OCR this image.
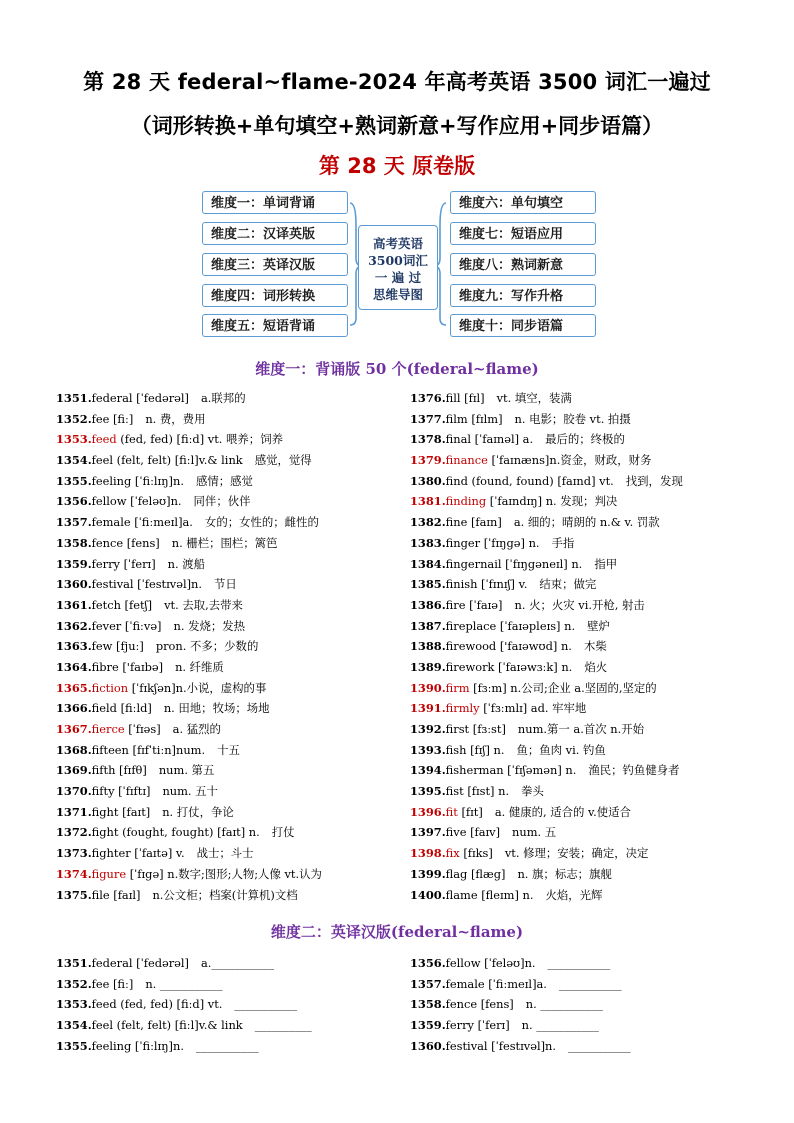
第 28 天 federal~flame-2024 年高考英语 3500 词汇一遍过
（词形转换+单句填空+熟词新意+写作应用+同步语篇）
第 28 天 原卷版
高考英语
3500词汇
一 遍 过
思维导图
维度一：单词背诵
维度二：汉译英版
维度三：英译汉版
维度四：词形转换
维度五：短语背诵
维度六：单句填空
维度七：短语应用
维度八：熟词新意
维度九：写作升格
维度十：同步语篇
维度一：背诵版 50 个(federal~flame)
1351.federal [ˈfedərəl] a.联邦的
1352.fee [fiː] n. 费，费用
1353.feed (fed, fed) [fiːd] vt. 喂养；饲养
1354.feel (felt, felt) [fiːl]v.& link 感觉，觉得
1355.feeling [ˈfiːlɪŋ]n. 感情；感觉
1356.fellow [ˈfeləʊ]n. 同伴；伙伴
1357.female [ˈfiːmeɪl]a. 女的；女性的；雌性的
1358.fence [fens] n. 栅栏；围栏；篱笆
1359.ferry [ˈferɪ] n. 渡船
1360.festival [ˈfestɪvəl]n. 节日
1361.fetch [fetʃ] vt. 去取,去带来
1362.fever [ˈfiːvə] n. 发烧；发热
1363.few [fjuː] pron. 不多；少数的
1364.fibre ['faɪbə] n. 纤维质
1365.fiction [ˈfɪkʃən]n.小说，虚构的事
1366.field [fiːld] n. 田地；牧场；场地
1367.fierce [ˈfɪəs] a. 猛烈的
1368.fifteen [fɪfˈtiːn]num. 十五
1369.fifth [fɪfθ] num. 第五
1370.fifty [ˈfɪftɪ] num. 五十
1371.fight [faɪt] n. 打仗，争论
1372.fight (fought, fought) [faɪt] n. 打仗
1373.fighter [ˈfaɪtə] v. 战士；斗士
1374.figure [ˈfɪgə] n.数字;图形;人物;人像 vt.认为
1375.file [faɪl] n.公文柜；档案(计算机)文档
1376.fill [fɪl] vt. 填空，装满
1377.film [fɪlm] n. 电影；胶卷 vt. 拍摄
1378.final [ˈfaɪnəl] a. 最后的；终极的
1379.finance [ˈfaɪnæns]n.资金，财政，财务
1380.find (found, found) [faɪnd] vt. 找到，发现
1381.finding [ˈfaɪndɪŋ] n. 发现；判决
1382.fine [faɪn] a. 细的；晴朗的 n.& v. 罚款
1383.finger [ˈfɪŋgə] n. 手指
1384.fingernail [ˈfɪŋgəneɪl] n. 指甲
1385.finish [ˈfɪnɪʃ] v. 结束；做完
1386.fire [ˈfaɪə] n. 火；火灾 vi.开枪, 射击
1387.fireplace [ˈfaɪəpleɪs] n. 壁炉
1388.firewood ['faɪəwʊd] n. 木柴
1389.firework [ˈfaɪəwɜːk] n. 焰火
1390.firm [fɜːm] n.公司;企业 a.坚固的,坚定的
1391.firmly [ˈfɜːmlɪ] ad. 牢牢地
1392.first [fɜːst] num.第一 a.首次 n.开始
1393.fish [fɪʃ] n. 鱼；鱼肉 vi. 钓鱼
1394.fisherman [ˈfɪʃəmən] n. 渔民；钓鱼健身者
1395.fist [fɪst] n. 拳头
1396.fit [fɪt] a. 健康的, 适合的 v.使适合
1397.five [faɪv] num. 五
1398.fix [fɪks] vt. 修理；安装；确定，决定
1399.flag [flæg] n. 旗；标志；旗舰
1400.flame [fleɪm] n. 火焰，光辉
维度二：英译汉版(federal~flame)
1351.federal [ˈfedərəl] a.___________
1352.fee [fiː] n. ___________
1353.feed (fed, fed) [fiːd] vt. ___________
1354.feel (felt, felt) [fiːl]v.& link __________
1355.feeling [ˈfiːlɪŋ]n. ___________
1356.fellow [ˈfeləʊ]n. ___________
1357.female [ˈfiːmeɪl]a. ___________
1358.fence [fens] n. ___________
1359.ferry [ˈferɪ] n. ___________
1360.festival [ˈfestɪvəl]n. ___________
